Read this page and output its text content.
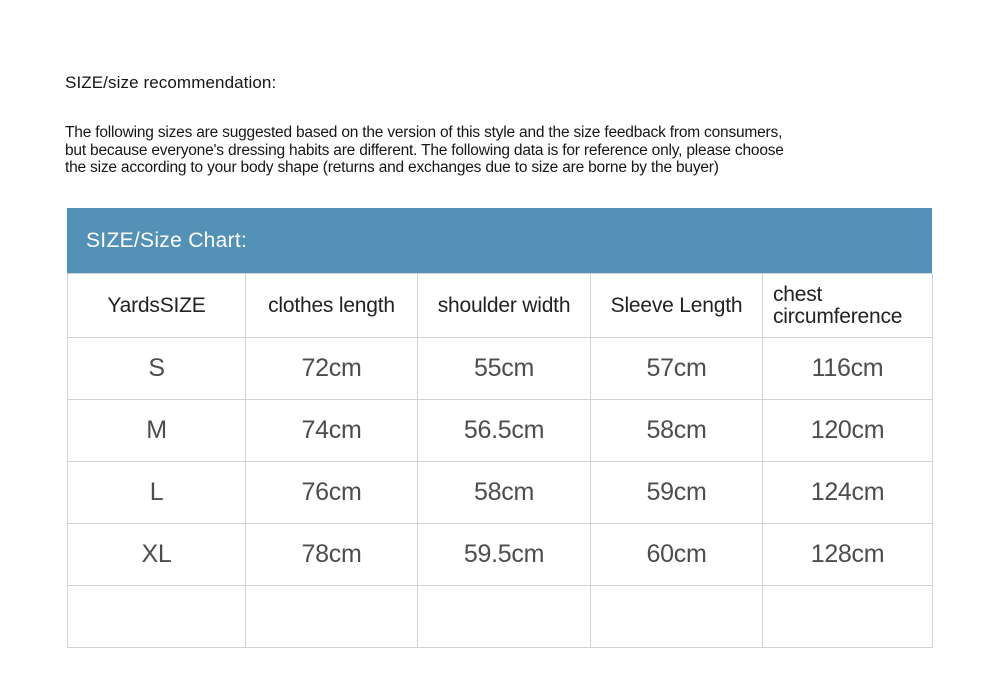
SIZE/size recommendation:
The following sizes are suggested based on the version of this style and the size feedback from consumers,
but because everyone's dressing habits are different. The following data is for reference only, please choose
the size according to your body shape (returns and exchanges due to size are borne by the buyer)
SIZE/Size Chart:
YardsSIZE	clothes length	shoulder width	Sleeve Length	chest circumference
S	72cm	55cm	57cm	116cm
M	74cm	56.5cm	58cm	120cm
L	76cm	58cm	59cm	124cm
XL	78cm	59.5cm	60cm	128cm
